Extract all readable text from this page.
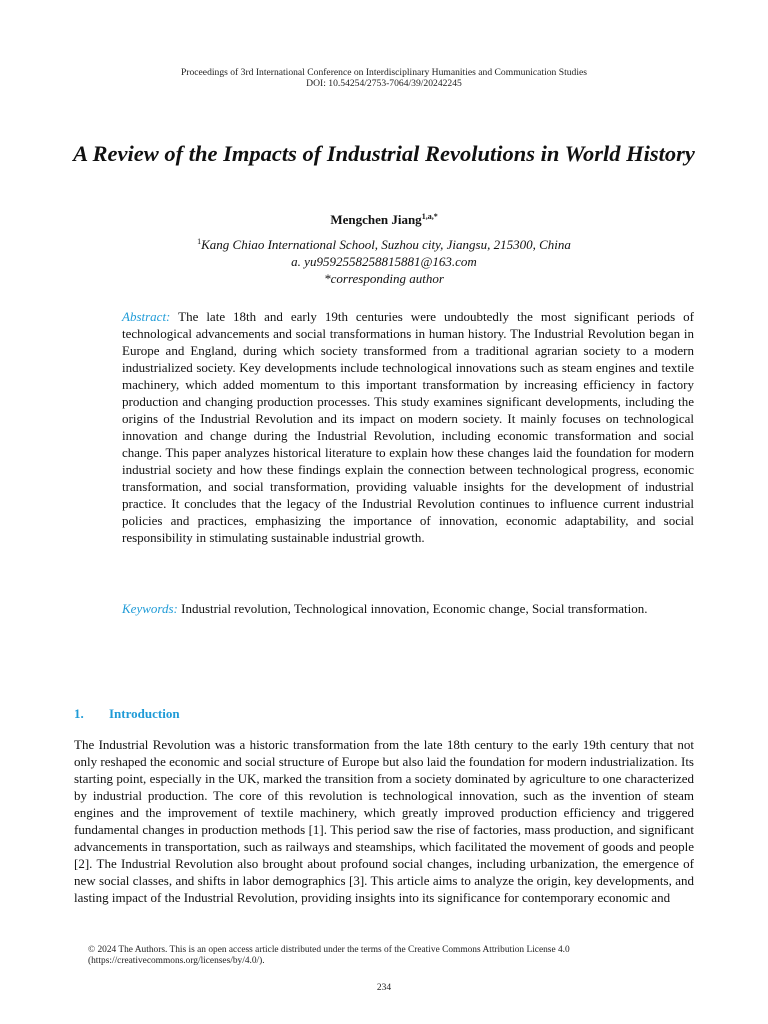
Proceedings of 3rd International Conference on Interdisciplinary Humanities and Communication Studies
DOI: 10.54254/2753-7064/39/20242245
A Review of the Impacts of Industrial Revolutions in World History
Mengchen Jiang$^{1,a,*}$
$^1$Kang Chiao International School, Suzhou city, Jiangsu, 215300, China
a. yu9592558258815881@163.com
*corresponding author

Abstract: The late 18th and early 19th centuries were undoubtedly the most significant periods of technological advancements and social transformations in human history. The Industrial Revolution began in Europe and England, during which society transformed from a traditional agrarian society to a modern industrialized society. Key developments include technological innovations such as steam engines and textile machinery, which added momentum to this important transformation by increasing efficiency in factory production and changing production processes. This study examines significant developments, including the origins of the Industrial Revolution and its impact on modern society. It mainly focuses on technological innovation and change during the Industrial Revolution, including economic transformation and social change. This paper analyzes historical literature to explain how these changes laid the foundation for modern industrial society and how these findings explain the connection between technological progress, economic transformation, and social transformation, providing valuable insights for the development of industrial practice. It concludes that the legacy of the Industrial Revolution continues to influence current industrial policies and practices, emphasizing the importance of innovation, economic adaptability, and social responsibility in stimulating sustainable industrial growth.

Keywords: Industrial revolution, Technological innovation, Economic change, Social transformation.

1. Introduction

The Industrial Revolution was a historic transformation from the late 18th century to the early 19th century that not only reshaped the economic and social structure of Europe but also laid the foundation for modern industrialization. Its starting point, especially in the UK, marked the transition from a society dominated by agriculture to one characterized by industrial production. The core of this revolution is technological innovation, such as the invention of steam engines and the improvement of textile machinery, which greatly improved production efficiency and triggered fundamental changes in production methods [1]. This period saw the rise of factories, mass production, and significant advancements in transportation, such as railways and steamships, which facilitated the movement of goods and people [2]. The Industrial Revolution also brought about profound social changes, including urbanization, the emergence of new social classes, and shifts in labor demographics [3]. This article aims to analyze the origin, key developments, and lasting impact of the Industrial Revolution, providing insights into its significance for contemporary economic and

© 2024 The Authors. This is an open access article distributed under the terms of the Creative Commons Attribution License 4.0 (https://creativecommons.org/licenses/by/4.0/).
234
